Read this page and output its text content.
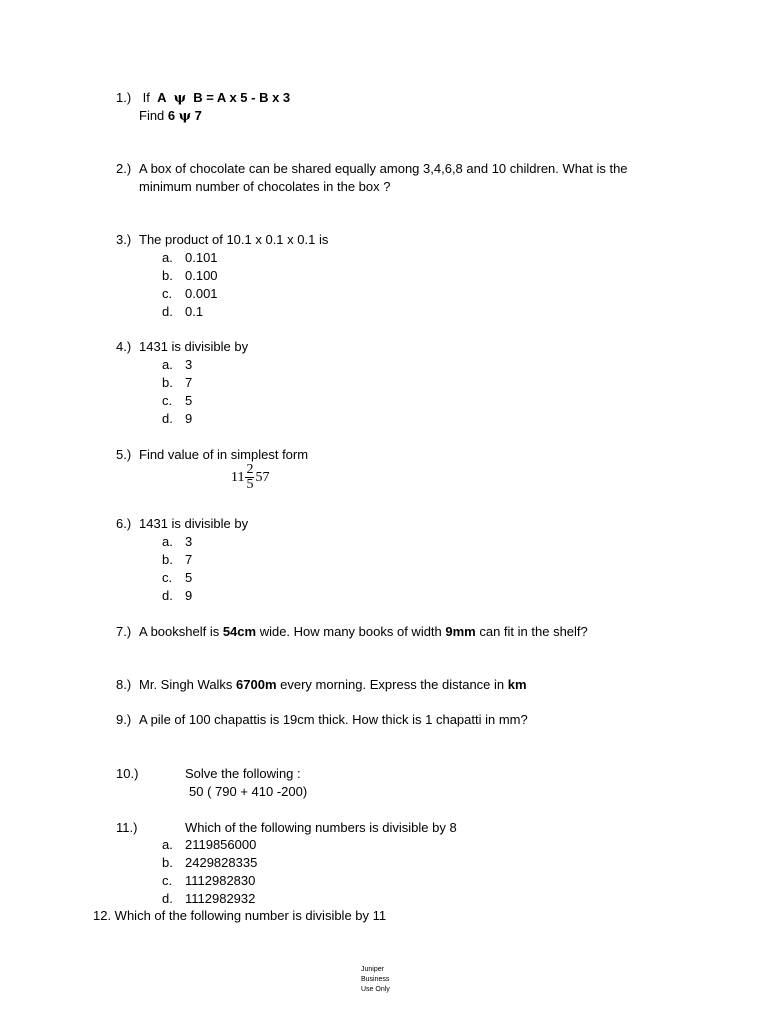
1.) If A ψ B = A x 5 - B x 3
Find 6 ψ 7
2.) A box of chocolate can be shared equally among 3,4,6,8 and 10 children. What is the
minimum number of chocolates in the box ?
3.) The product of 10.1 x 0.1 x 0.1 is
a. 0.101
b. 0.100
c. 0.001
d. 0.1
4.) 1431 is divisible by
a. 3
b. 7
c. 5
d. 9
5.) Find value of in simplest form
$11 \frac{2}{5} 57$
6.) 1431 is divisible by
a. 3
b. 7
c. 5
d. 9
7.) A bookshelf is 54cm wide. How many books of width 9mm can fit in the shelf?
8.) Mr. Singh Walks 6700m every morning. Express the distance in km
9.) A pile of 100 chapattis is 19cm thick. How thick is 1 chapatti in mm?
10.)	Solve the following :
50 ( 790 + 410 -200)
11.)	Which of the following numbers is divisible by 8
a. 2119856000
b. 2429828335
c. 1112982830
d. 1112982932
12. Which of the following number is divisible by 11
Juniper
Business
Use Only
